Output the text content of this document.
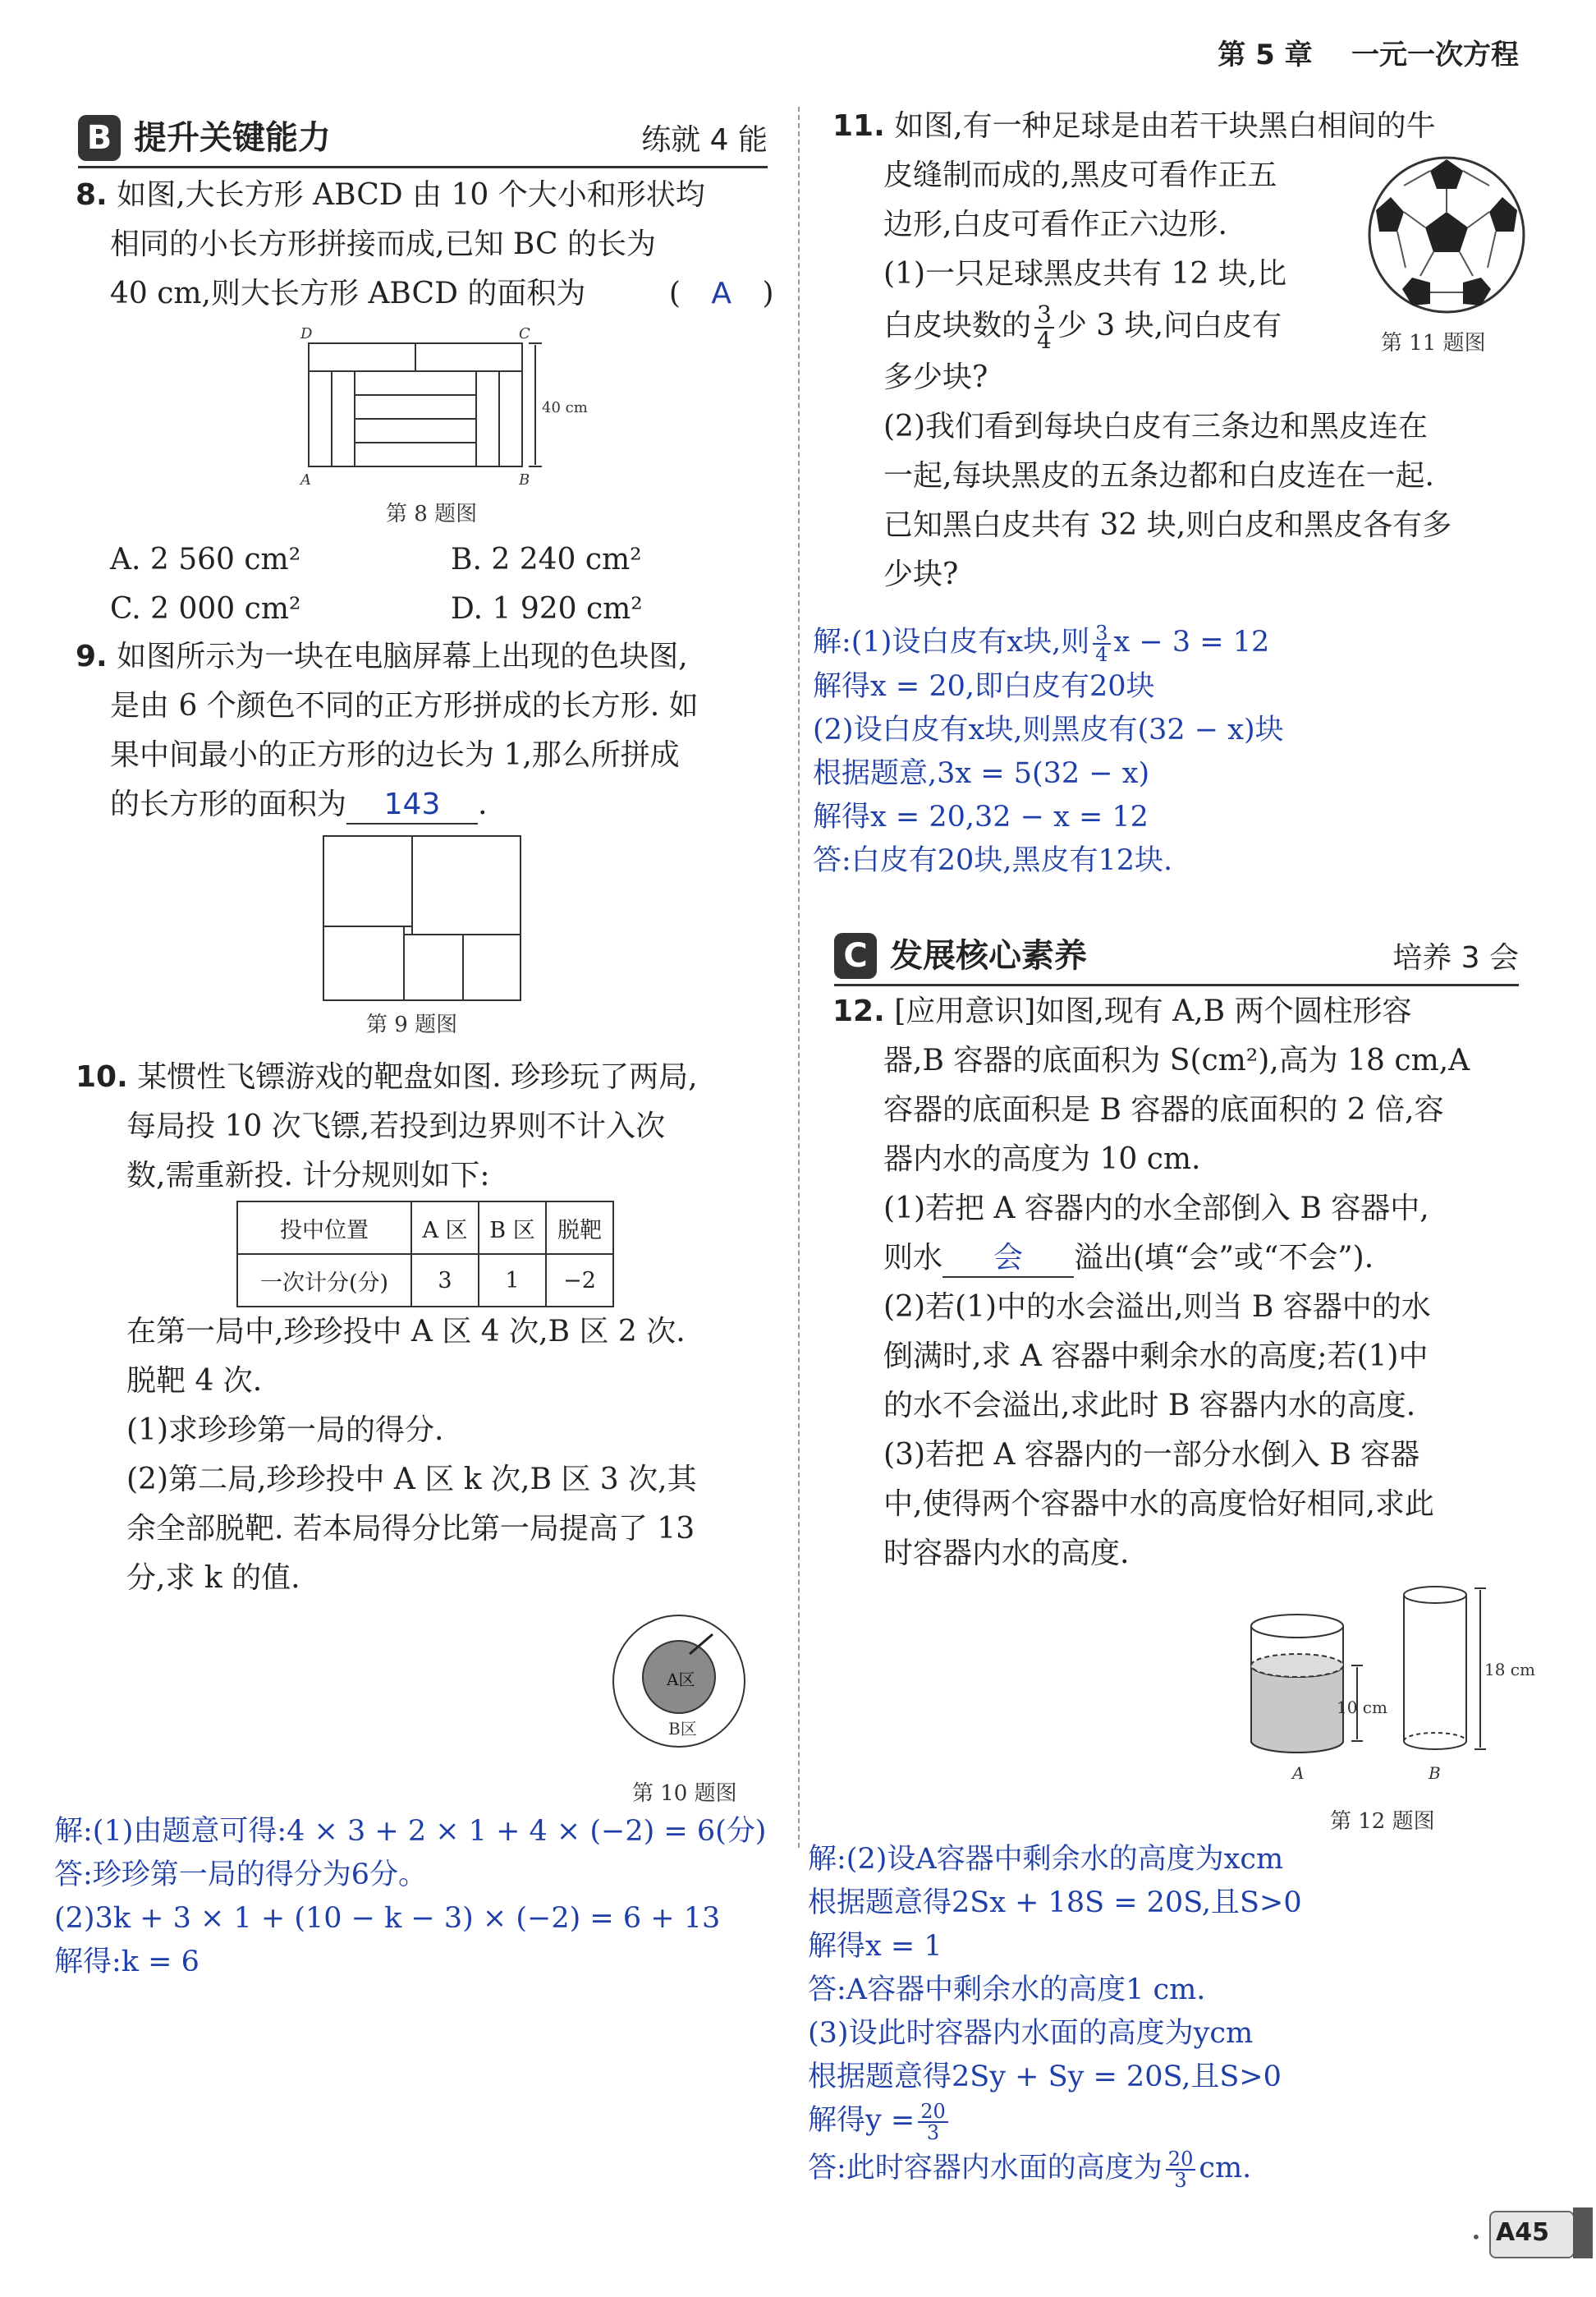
第 5 章 一元一次方程
B 提升关键能力	练就 4 能
8. 如图,大长方形 ABCD 由 10 个大小和形状均
相同的小长方形拼接而成,已知 BC 的长为
40 cm,则大长方形 ABCD 的面积为	( A )
D	C
A	B
40 cm
第 8 题图
A. 2 560 cm²	B. 2 240 cm²
C. 2 000 cm²	D. 1 920 cm²
9. 如图所示为一块在电脑屏幕上出现的色块图,
是由 6 个颜色不同的正方形拼成的长方形. 如
果中间最小的正方形的边长为 1,那么所拼成
的长方形的面积为 143 .
第 9 题图
10. 某惯性飞镖游戏的靶盘如图. 珍珍玩了两局,
每局投 10 次飞镖,若投到边界则不计入次
数,需重新投. 计分规则如下:
投中位置	A 区	B 区	脱靶
一次计分(分)	3	1	−2
在第一局中,珍珍投中 A 区 4 次,B 区 2 次.
脱靶 4 次.
(1)求珍珍第一局的得分.
(2)第二局,珍珍投中 A 区 k 次,B 区 3 次,其
余全部脱靶. 若本局得分比第一局提高了 13
分,求 k 的值.
A区
B区
第 10 题图
解:(1)由题意可得:4 × 3 + 2 × 1 + 4 × (−2) = 6(分)
答:珍珍第一局的得分为6分。
(2)3k + 3 × 1 + (10 − k − 3) × (−2) = 6 + 13
解得:k = 6
11. 如图,有一种足球是由若干块黑白相间的牛
皮缝制而成的,黑皮可看作正五
边形,白皮可看作正六边形.
(1)一只足球黑皮共有 12 块,比
白皮块数的 $\frac{3}{4}$ 少 3 块,问白皮有
多少块?
(2)我们看到每块白皮有三条边和黑皮连在
一起,每块黑皮的五条边都和白皮连在一起.
已知黑白皮共有 32 块,则白皮和黑皮各有多
少块?
第 11 题图
解:(1)设白皮有x块,则 $\frac{3}{4}$ x − 3 = 12
解得x = 20,即白皮有20块
(2)设白皮有x块,则黑皮有(32 − x)块
根据题意,3x = 5(32 − x)
解得x = 20,32 − x = 12
答:白皮有20块,黑皮有12块.
C 发展核心素养	培养 3 会
12. [应用意识]如图,现有 A,B 两个圆柱形容
器,B 容器的底面积为 S(cm²),高为 18 cm,A
容器的底面积是 B 容器的底面积的 2 倍,容
器内水的高度为 10 cm.
(1)若把 A 容器内的水全部倒入 B 容器中,
则水 会 溢出(填“会”或“不会”).
(2)若(1)中的水会溢出,则当 B 容器中的水
倒满时,求 A 容器中剩余水的高度;若(1)中
的水不会溢出,求此时 B 容器内水的高度.
(3)若把 A 容器内的一部分水倒入 B 容器
中,使得两个容器中水的高度恰好相同,求此
时容器内水的高度.
10 cm
18 cm
A	B
第 12 题图
解:(2)设A容器中剩余水的高度为xcm
根据题意得2Sx + 18S = 20S,且S>0
解得x = 1
答:A容器中剩余水的高度1 cm.
(3)设此时容器内水面的高度为ycm
根据题意得2Sy + Sy = 20S,且S>0
解得$y = \frac{20}{3}$
答:此时容器内水面的高度为 $\frac{20}{3}$ cm.
• A45
